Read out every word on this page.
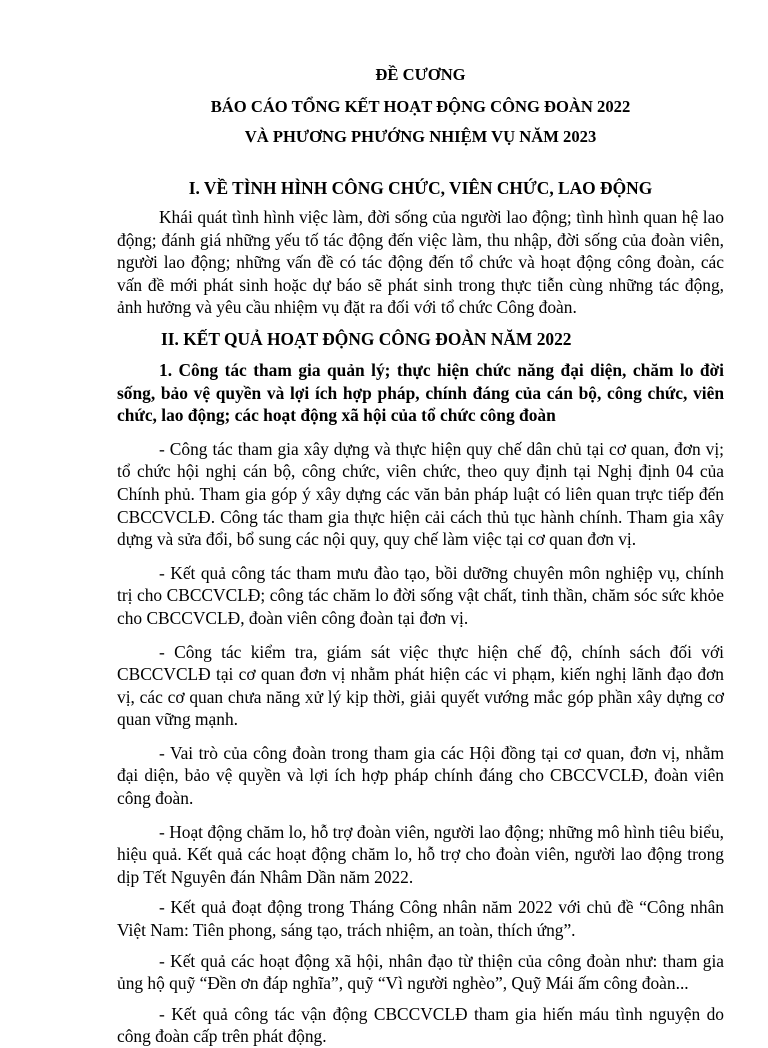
ĐỀ CƯƠNG
BÁO CÁO TỔNG KẾT HOẠT ĐỘNG CÔNG ĐOÀN 2022
VÀ PHƯƠNG PHƯỚNG NHIỆM VỤ NĂM 2023
I. VỀ TÌNH HÌNH CÔNG CHỨC, VIÊN CHỨC, LAO ĐỘNG

Khái quát tình hình việc làm, đời sống của người lao động; tình hình quan hệ lao động; đánh giá những yếu tố tác động đến việc làm, thu nhập, đời sống của đoàn viên, người lao động; những vấn đề có tác động đến tổ chức và hoạt động công đoàn, các vấn đề mới phát sinh hoặc dự báo sẽ phát sinh trong thực tiễn cùng những tác động, ảnh hưởng và yêu cầu nhiệm vụ đặt ra đối với tổ chức Công đoàn.

II. KẾT QUẢ HOẠT ĐỘNG CÔNG ĐOÀN NĂM 2022

1. Công tác tham gia quản lý; thực hiện chức năng đại diện, chăm lo đời sống, bảo vệ quyền và lợi ích hợp pháp, chính đáng của cán bộ, công chức, viên chức, lao động; các hoạt động xã hội của tổ chức công đoàn

- Công tác tham gia xây dựng và thực hiện quy chế dân chủ tại cơ quan, đơn vị; tổ chức hội nghị cán bộ, công chức, viên chức, theo quy định tại Nghị định 04 của Chính phủ. Tham gia góp ý xây dựng các văn bản pháp luật có liên quan trực tiếp đến CBCCVCLĐ. Công tác tham gia thực hiện cải cách thủ tục hành chính. Tham gia xây dựng và sửa đổi, bổ sung các nội quy, quy chế làm việc tại cơ quan đơn vị.

- Kết quả công tác tham mưu đào tạo, bồi dưỡng chuyên môn nghiệp vụ, chính trị cho CBCCVCLĐ; công tác chăm lo đời sống vật chất, tinh thần, chăm sóc sức khỏe cho CBCCVCLĐ, đoàn viên công đoàn tại đơn vị.

- Công tác kiểm tra, giám sát việc thực hiện chế độ, chính sách đối với CBCCVCLĐ tại cơ quan đơn vị nhằm phát hiện các vi phạm, kiến nghị lãnh đạo đơn vị, các cơ quan chưa năng xử lý kịp thời, giải quyết vướng mắc góp phần xây dựng cơ quan vững mạnh.

- Vai trò của công đoàn trong tham gia các Hội đồng tại cơ quan, đơn vị, nhằm đại diện, bảo vệ quyền và lợi ích hợp pháp chính đáng cho CBCCVCLĐ, đoàn viên công đoàn.

- Hoạt động chăm lo, hỗ trợ đoàn viên, người lao động; những mô hình tiêu biểu, hiệu quả. Kết quả các hoạt động chăm lo, hỗ trợ cho đoàn viên, người lao động trong dịp Tết Nguyên đán Nhâm Dần năm 2022.

- Kết quả đoạt động trong Tháng Công nhân năm 2022 với chủ đề “Công nhân Việt Nam: Tiên phong, sáng tạo, trách nhiệm, an toàn, thích ứng”.

- Kết quả các hoạt động xã hội, nhân đạo từ thiện của công đoàn như: tham gia ủng hộ quỹ “Đền ơn đáp nghĩa”, quỹ “Vì người nghèo”, Quỹ Mái ấm công đoàn...

- Kết quả công tác vận động CBCCVCLĐ tham gia hiến máu tình nguyện do công đoàn cấp trên phát động.
